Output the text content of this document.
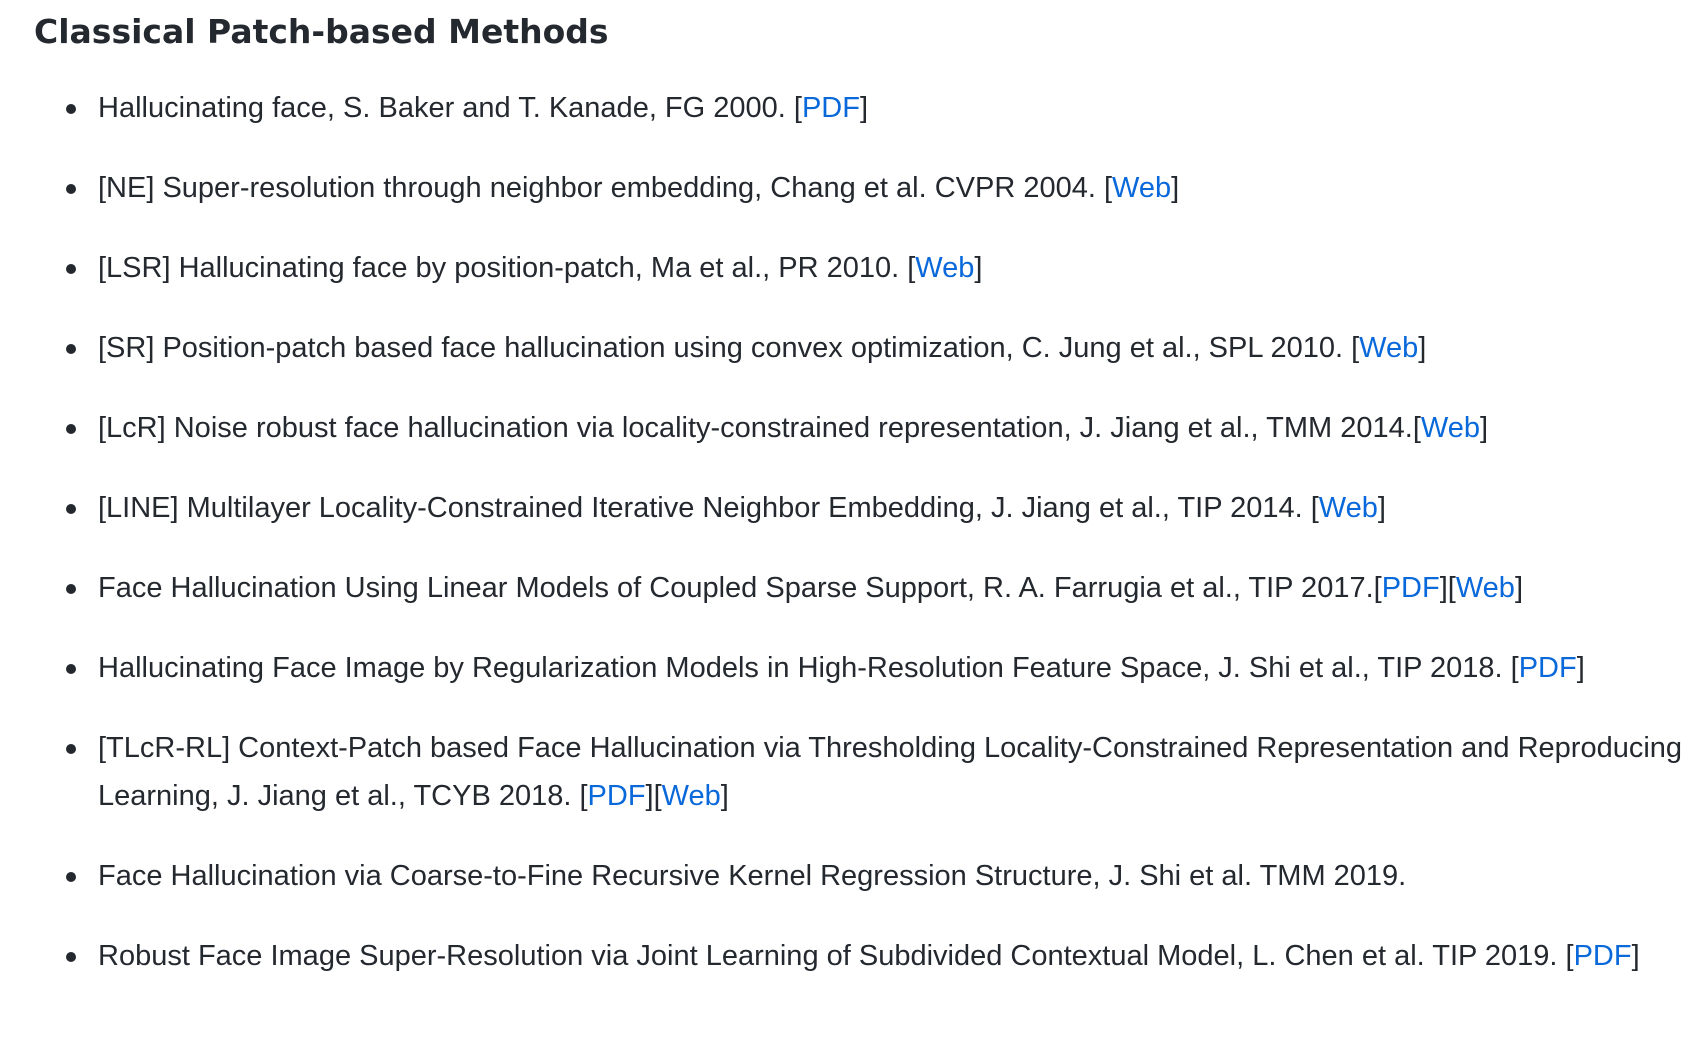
Classical Patch-based Methods
Hallucinating face, S. Baker and T. Kanade, FG 2000. [PDF]
[NE] Super-resolution through neighbor embedding, Chang et al. CVPR 2004. [Web]
[LSR] Hallucinating face by position-patch, Ma et al., PR 2010. [Web]
[SR] Position-patch based face hallucination using convex optimization, C. Jung et al., SPL 2010. [Web]
[LcR] Noise robust face hallucination via locality-constrained representation, J. Jiang et al., TMM 2014.[Web]
[LINE] Multilayer Locality-Constrained Iterative Neighbor Embedding, J. Jiang et al., TIP 2014. [Web]
Face Hallucination Using Linear Models of Coupled Sparse Support, R. A. Farrugia et al., TIP 2017.[PDF][Web]
Hallucinating Face Image by Regularization Models in High-Resolution Feature Space, J. Shi et al., TIP 2018. [PDF]
[TLcR-RL] Context-Patch based Face Hallucination via Thresholding Locality-Constrained Representation and Reproducing Learning, J. Jiang et al., TCYB 2018. [PDF][Web]
Face Hallucination via Coarse-to-Fine Recursive Kernel Regression Structure, J. Shi et al. TMM 2019.
Robust Face Image Super-Resolution via Joint Learning of Subdivided Contextual Model, L. Chen et al. TIP 2019. [PDF]
